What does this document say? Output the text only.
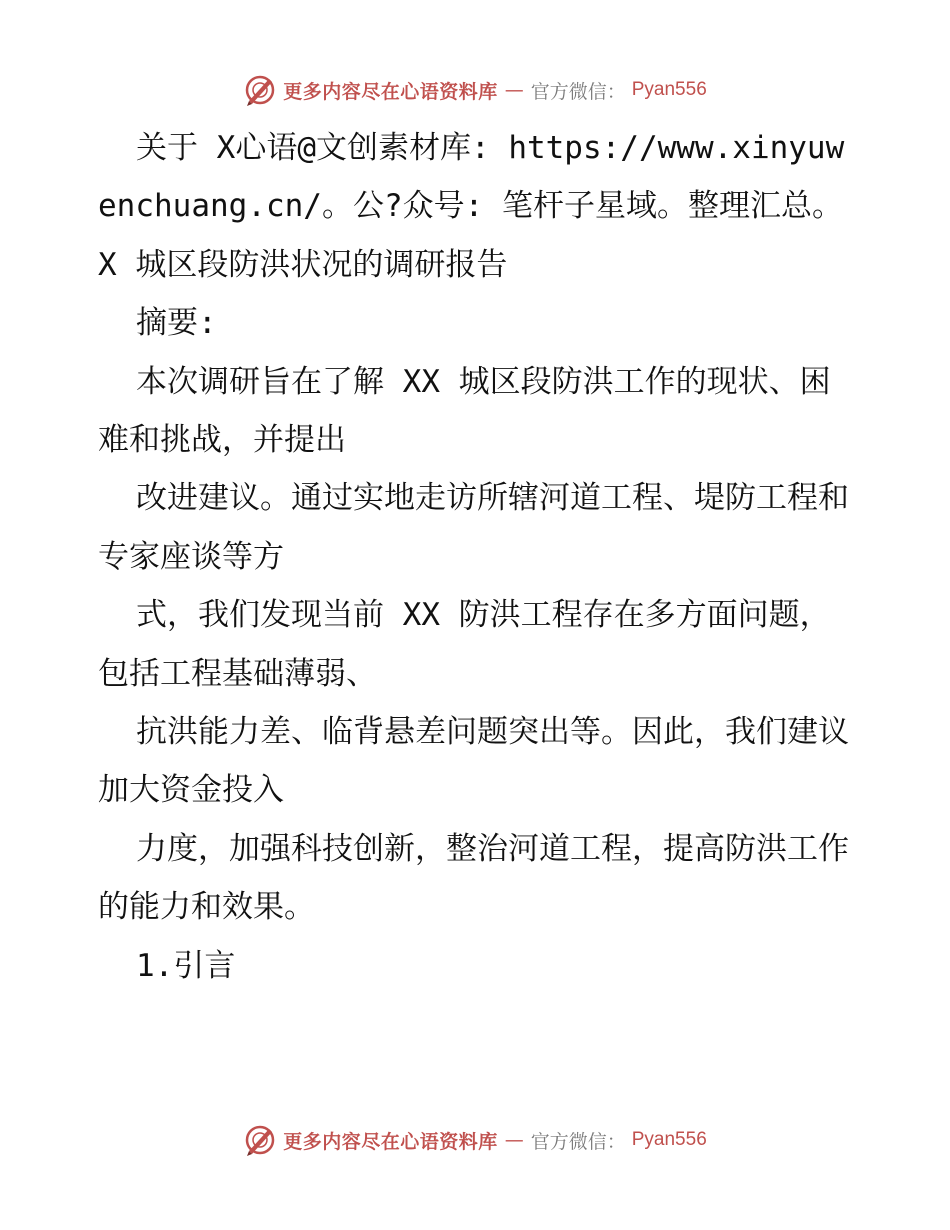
更多内容尽在心语资料库 — 官方微信： Pyan556

关于 X心语@文创素材库: https://www.xinyuwenchuang.cn/。公?众号: 笔杆子星域。整理汇总。X 城区段防洪状况的调研报告

摘要:

本次调研旨在了解 XX 城区段防洪工作的现状、困难和挑战，并提出

改进建议。通过实地走访所辖河道工程、堤防工程和专家座谈等方

式，我们发现当前 XX 防洪工程存在多方面问题，包括工程基础薄弱、

抗洪能力差、临背悬差问题突出等。因此，我们建议加大资金投入

力度，加强科技创新，整治河道工程，提高防洪工作的能力和效果。

1.引言

更多内容尽在心语资料库 — 官方微信： Pyan556
